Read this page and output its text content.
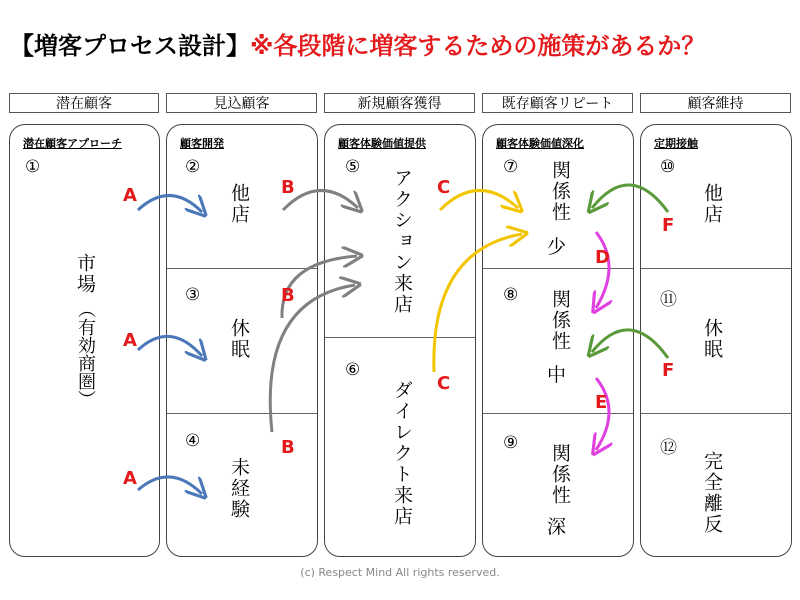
【増客プロセス設計】※各段階に増客するための施策があるか？
潜在顧客	見込顧客	新規顧客獲得	既存顧客リピート	顧客維持
潜在顧客アプローチ	顧客開発	顧客体験価値提供	顧客体験価値深化	定期接触
①	②
③
④
⑤
⑥
⑦
⑧
⑨
⑩
⑪
⑫
市場
（有効商圏）
他店
休眠
未経験
アクション来店
ダイレクト来店
関係性
少
関係性
中
関係性
深
他店
休眠
完全離反
A
A
A
B
B
B
C
C
D
E
F
F
(c) Respect Mind All rights reserved.
